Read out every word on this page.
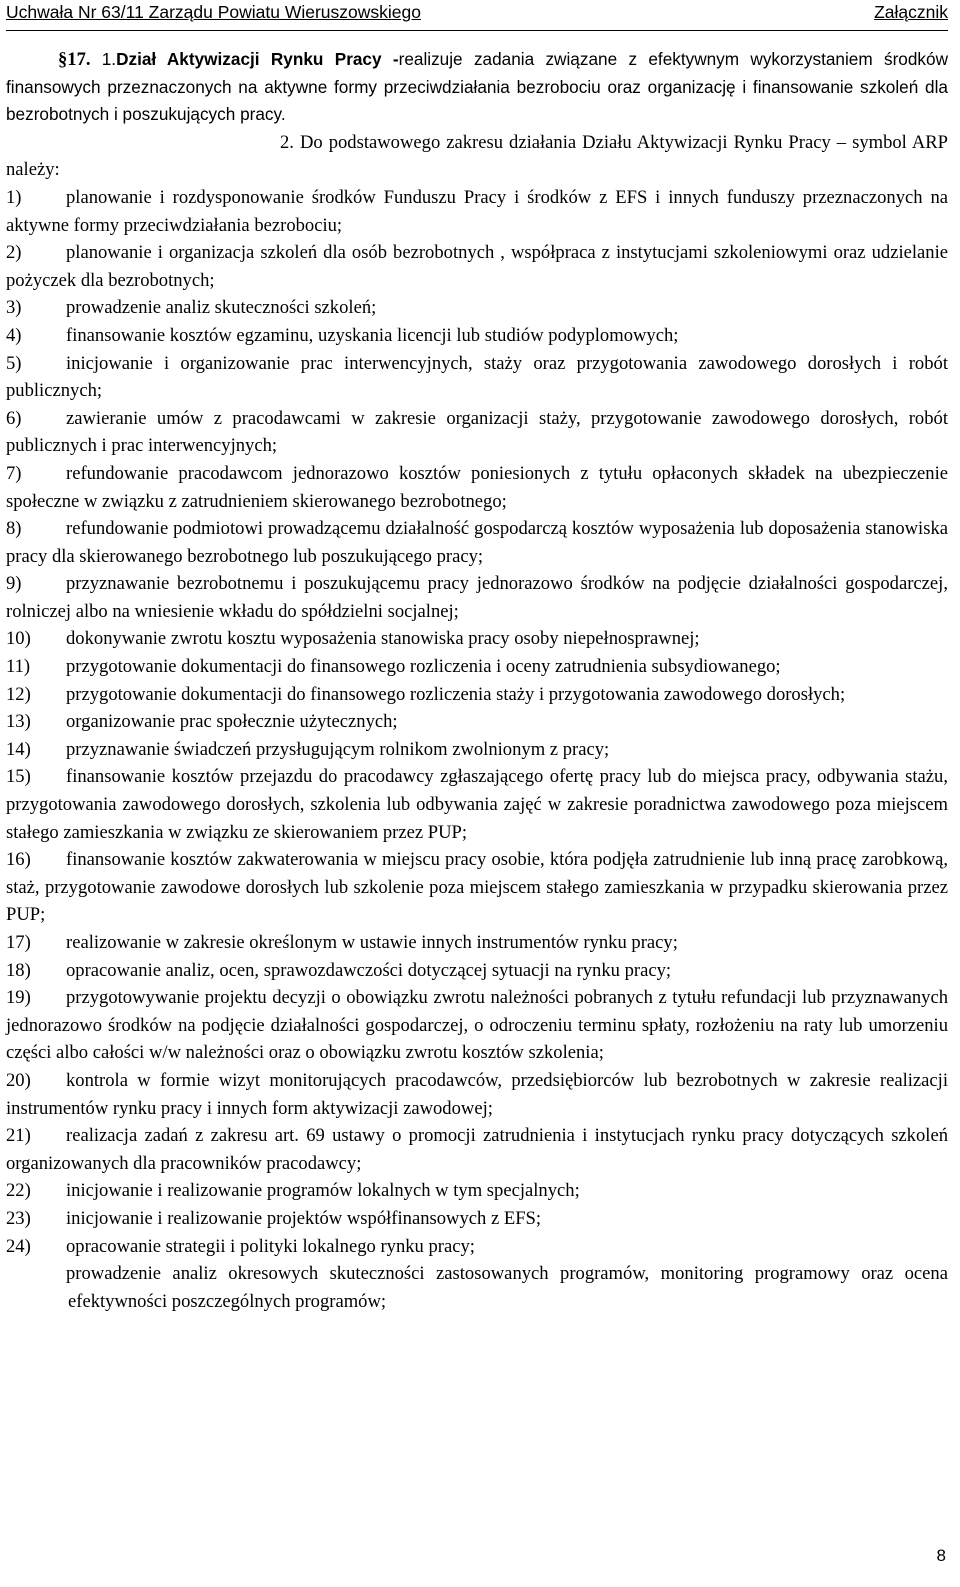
Uchwała Nr 63/11 Zarządu Powiatu Wieruszowskiego	Załącznik

§17. 1.Dział Aktywizacji Rynku Pracy -realizuje zadania związane z efektywnym wykorzystaniem środków finansowych przeznaczonych na aktywne formy przeciwdziałania bezrobociu oraz organizację i finansowanie szkoleń dla bezrobotnych i poszukujących pracy.

2. Do podstawowego zakresu działania Działu Aktywizacji Rynku Pracy – symbol ARP należy:

1) planowanie i rozdysponowanie środków Funduszu Pracy i środków z EFS i innych funduszy przeznaczonych na aktywne formy przeciwdziałania bezrobociu;

2) planowanie i organizacja szkoleń dla osób bezrobotnych , współpraca z instytucjami szkoleniowymi oraz udzielanie pożyczek dla bezrobotnych;

3) prowadzenie analiz skuteczności szkoleń;

4) finansowanie kosztów egzaminu, uzyskania licencji lub studiów podyplomowych;

5) inicjowanie i organizowanie prac interwencyjnych, staży oraz przygotowania zawodowego dorosłych i robót publicznych;

6) zawieranie umów z pracodawcami w zakresie organizacji staży, przygotowanie zawodowego dorosłych, robót publicznych i prac interwencyjnych;

7) refundowanie pracodawcom jednorazowo kosztów poniesionych z tytułu opłaconych składek na ubezpieczenie społeczne w związku z zatrudnieniem skierowanego bezrobotnego;

8) refundowanie podmiotowi prowadzącemu działalność gospodarczą kosztów wyposażenia lub doposażenia stanowiska pracy dla skierowanego bezrobotnego lub poszukującego pracy;

9) przyznawanie bezrobotnemu i poszukującemu pracy jednorazowo środków na podjęcie działalności gospodarczej, rolniczej albo na wniesienie wkładu do spółdzielni socjalnej;

10) dokonywanie zwrotu kosztu wyposażenia stanowiska pracy osoby niepełnosprawnej;

11) przygotowanie dokumentacji do finansowego rozliczenia i oceny zatrudnienia subsydiowanego;

12) przygotowanie dokumentacji do finansowego rozliczenia staży i przygotowania zawodowego dorosłych;

13) organizowanie prac społecznie użytecznych;

14) przyznawanie świadczeń przysługującym rolnikom zwolnionym z pracy;

15) finansowanie kosztów przejazdu do pracodawcy zgłaszającego ofertę pracy lub do miejsca pracy, odbywania stażu, przygotowania zawodowego dorosłych, szkolenia lub odbywania zajęć w zakresie poradnictwa zawodowego poza miejscem stałego zamieszkania w związku ze skierowaniem przez PUP;

16) finansowanie kosztów zakwaterowania w miejscu pracy osobie, która podjęła zatrudnienie lub inną pracę zarobkową, staż, przygotowanie zawodowe dorosłych lub szkolenie poza miejscem stałego zamieszkania w przypadku skierowania przez PUP;

17) realizowanie w zakresie określonym w ustawie innych instrumentów rynku pracy;

18) opracowanie analiz, ocen, sprawozdawczości dotyczącej sytuacji na rynku pracy;

19) przygotowywanie projektu decyzji o obowiązku zwrotu należności pobranych z tytułu refundacji lub przyznawanych jednorazowo środków na podjęcie działalności gospodarczej, o odroczeniu terminu spłaty, rozłożeniu na raty lub umorzeniu części albo całości w/w należności oraz o obowiązku zwrotu kosztów szkolenia;

20) kontrola w formie wizyt monitorujących pracodawców, przedsiębiorców lub bezrobotnych w zakresie realizacji instrumentów rynku pracy i innych form aktywizacji zawodowej;

21) realizacja zadań z zakresu art. 69 ustawy o promocji zatrudnienia i instytucjach rynku pracy dotyczących szkoleń organizowanych dla pracowników pracodawcy;

22) inicjowanie i realizowanie programów lokalnych w tym specjalnych;

23) inicjowanie i realizowanie projektów współfinansowych z EFS;

24) opracowanie strategii i polityki lokalnego rynku pracy;

prowadzenie analiz okresowych skuteczności zastosowanych programów, monitoring programowy oraz ocena efektywności poszczególnych programów;

8
